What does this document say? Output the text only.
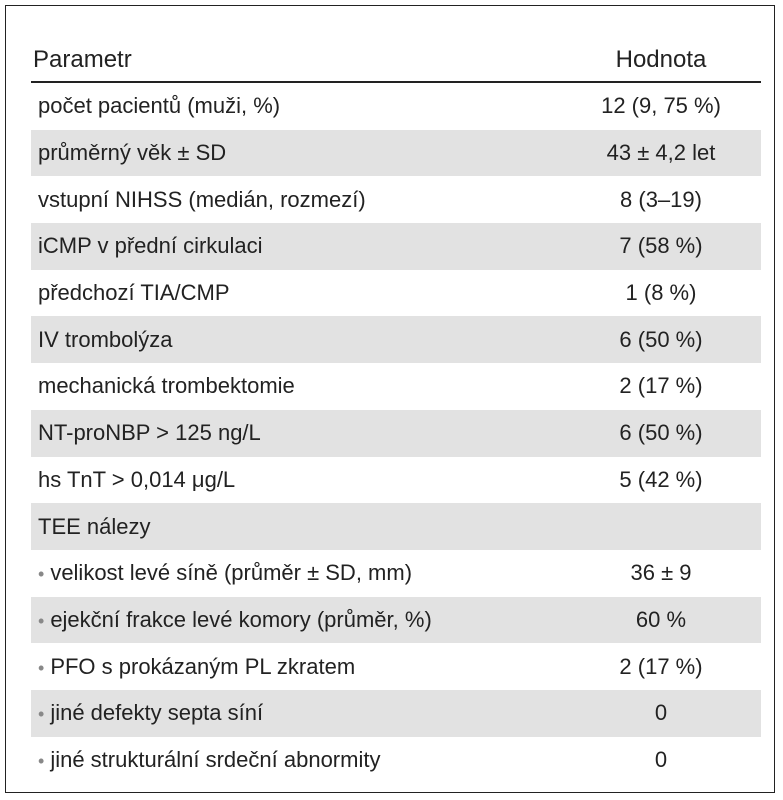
Parametr	Hodnota
počet pacientů (muži, %)	12 (9, 75 %)
průměrný věk ± SD	43 ± 4,2 let
vstupní NIHSS (medián, rozmezí)	8 (3–19)
iCMP v přední cirkulaci	7 (58 %)
předchozí TIA/CMP	1 (8 %)
IV trombolýza	6 (50 %)
mechanická trombektomie	2 (17 %)
NT-proNBP > 125 ng/L	6 (50 %)
hs TnT > 0,014 μg/L	5 (42 %)
TEE nálezy
• velikost levé síně (průměr ± SD, mm)	36 ± 9
• ejekční frakce levé komory (průměr, %)	60 %
• PFO s prokázaným PL zkratem	2 (17 %)
• jiné defekty septa síní	0
• jiné strukturální srdeční abnormity	0
